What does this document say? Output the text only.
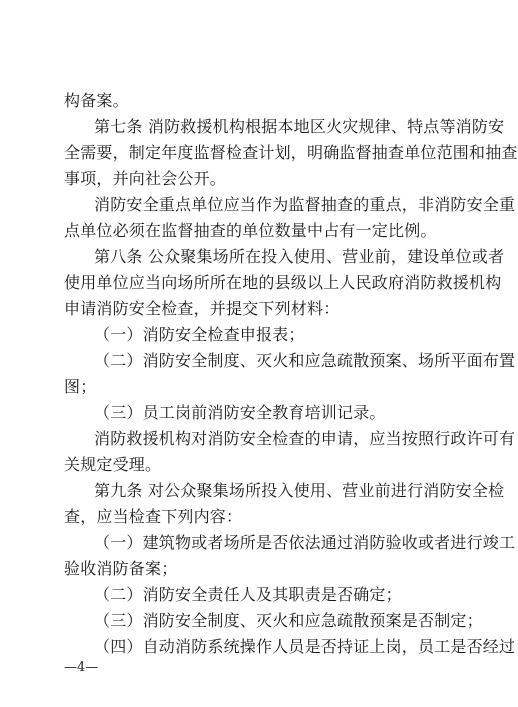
构备案。
第七条 消防救援机构根据本地区火灾规律、特点等消防安
全需要，制定年度监督检查计划，明确监督抽查单位范围和抽查
事项，并向社会公开。
消防安全重点单位应当作为监督抽查的重点，非消防安全重
点单位必须在监督抽查的单位数量中占有一定比例。
第八条 公众聚集场所在投入使用、营业前，建设单位或者
使用单位应当向场所所在地的县级以上人民政府消防救援机构
申请消防安全检查，并提交下列材料：
（一）消防安全检查申报表；
（二）消防安全制度、灭火和应急疏散预案、场所平面布置
图；
（三）员工岗前消防安全教育培训记录。
消防救援机构对消防安全检查的申请，应当按照行政许可有
关规定受理。
第九条 对公众聚集场所投入使用、营业前进行消防安全检
查，应当检查下列内容：
（一）建筑物或者场所是否依法通过消防验收或者进行竣工
验收消防备案；
（二）消防安全责任人及其职责是否确定；
（三）消防安全制度、灭火和应急疏散预案是否制定；
（四）自动消防系统操作人员是否持证上岗，员工是否经过
—4—
